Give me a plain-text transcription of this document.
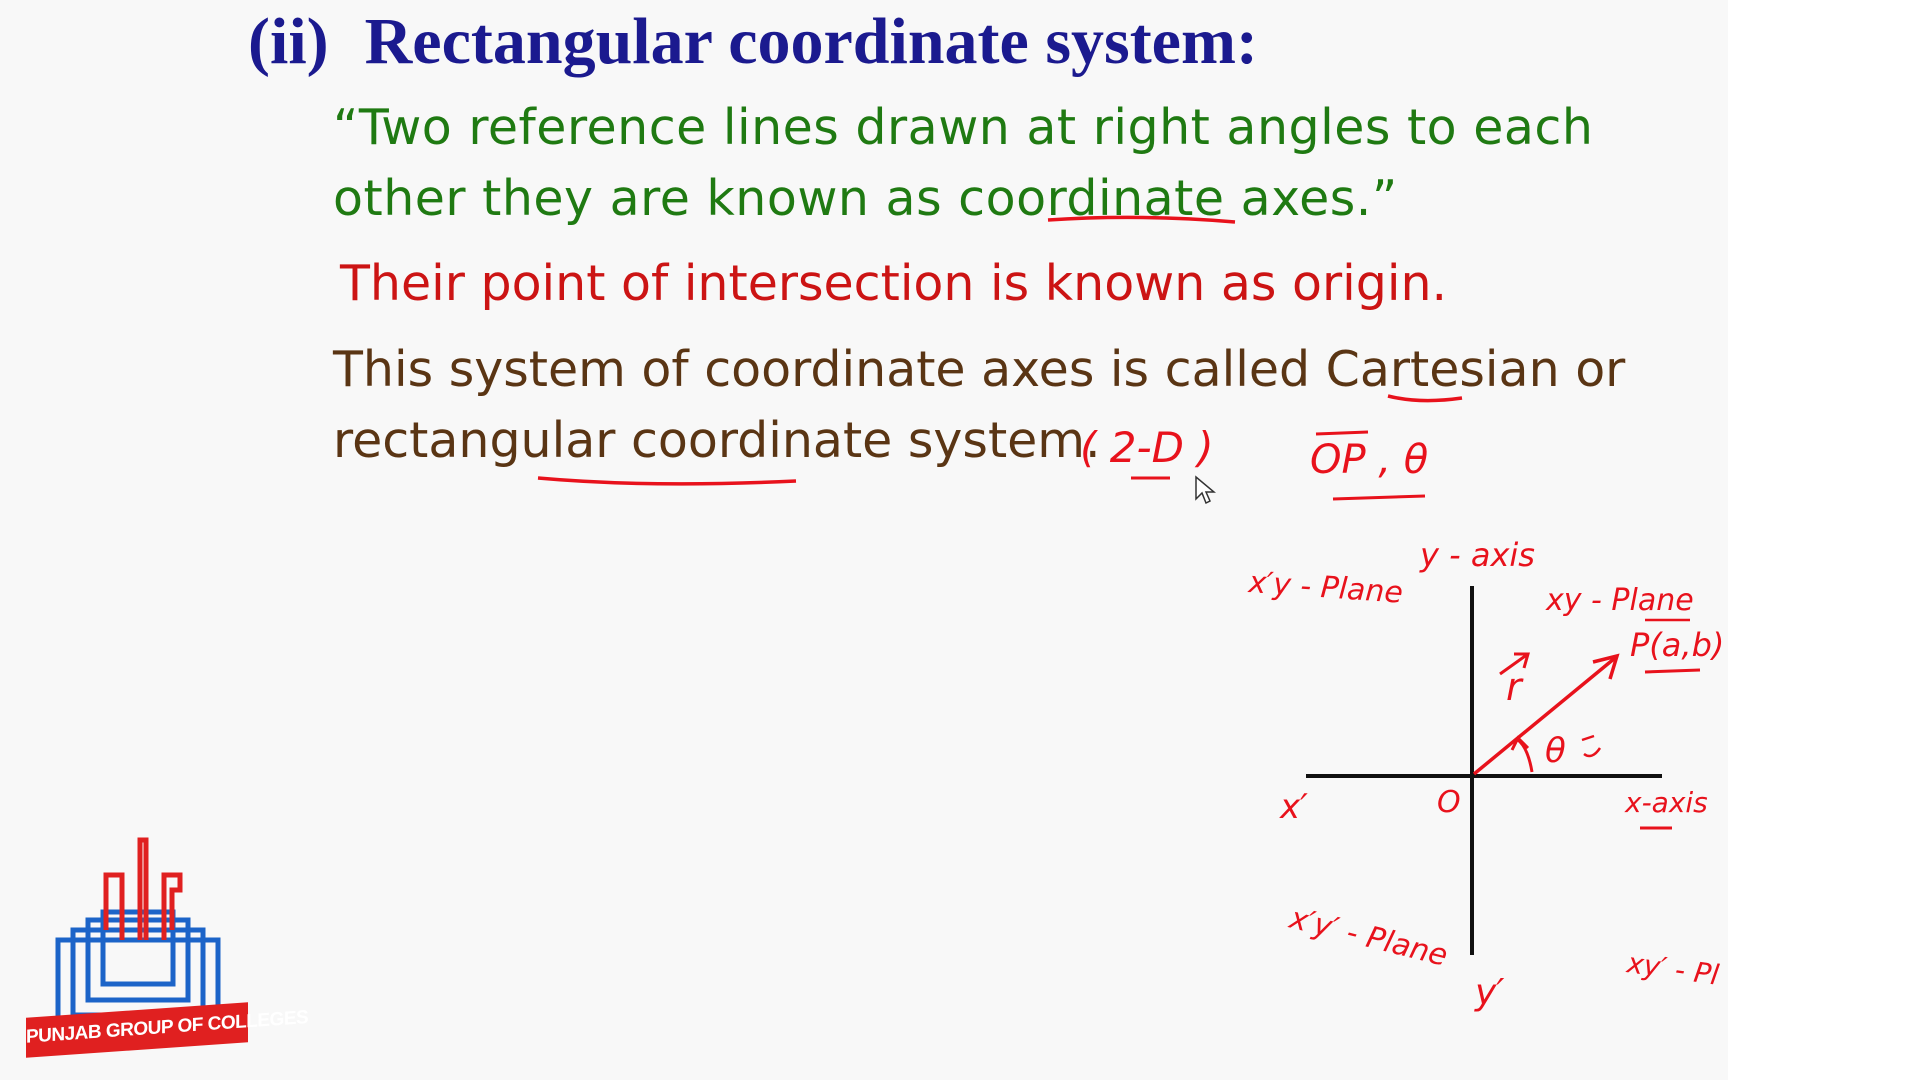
(ii) Rectangular coordinate system:
“Two reference lines drawn at right angles to each
other they are known as coordinate axes.”
Their point of intersection is known as origin.
This system of coordinate axes is called Cartesian or
rectangular coordinate system.
( 2-D ) OP , θ
y - axis
y′
x-axis
x′	O
xy - Plane
x′y - Plane
x′y′ - Plane	xy′ - Pl
P(a,b)
r
θ
PUNJAB GROUP OF COLLEGES
